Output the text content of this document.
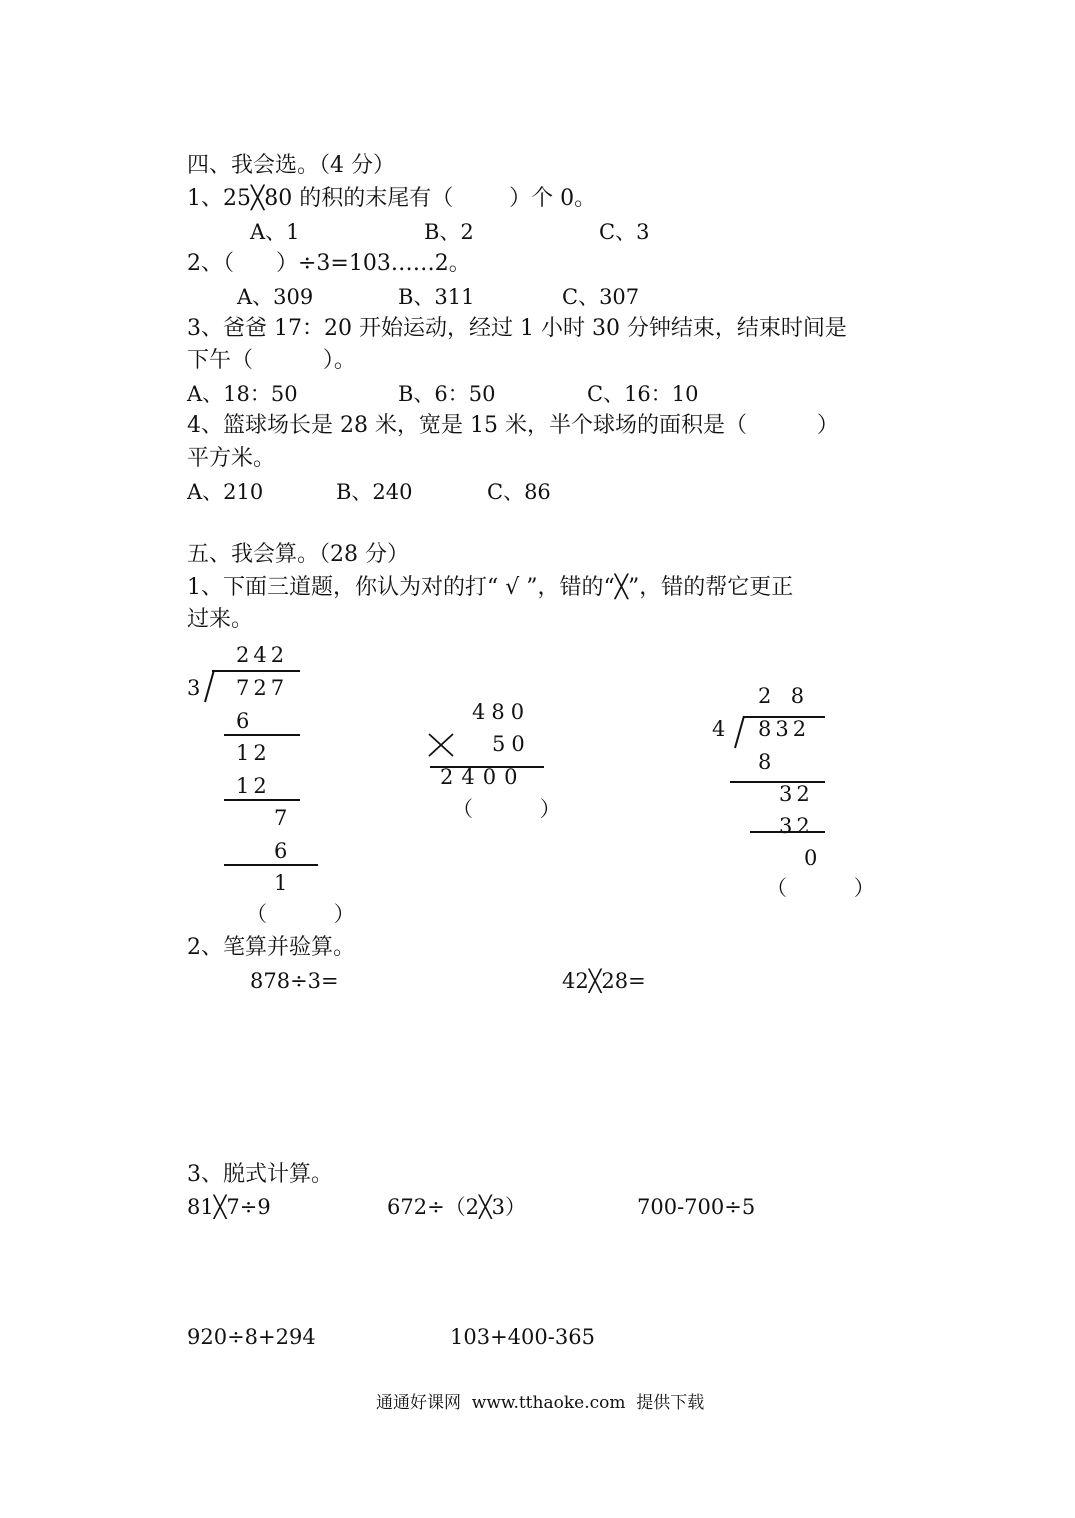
四、我会选。（4 分）
1、25╳80 的积的末尾有（        ）个 0。
A、1	B、2	C、3
2、（      ）÷3=103……2。
A、309	B、311	C、307
3、爸爸 17：20 开始运动，经过 1 小时 30 分钟结束，结束时间是
下午（          ）。
A、18：50	B、6：50	C、16：10
4、篮球场长是 28 米，宽是 15 米，半个球场的面积是（          ）
平方米。
A、210	B、240	C、86
五、我会算。（28 分）
1、下面三道题，你认为对的打“ √ ”，错的“╳”，错的帮它更正
过来。
242
3 727
6
12
12
7
6
1
（          ）
480
50
2400
（          ）
2  8
4 832
8
32
32
0
（          ）
2、笔算并验算。
878÷3=	42╳28=
3、脱式计算。
81╳7÷9	672÷（2╳3）	700-700÷5
920÷8+294	103+400-365
通通好课网  www.tthaoke.com  提供下载
